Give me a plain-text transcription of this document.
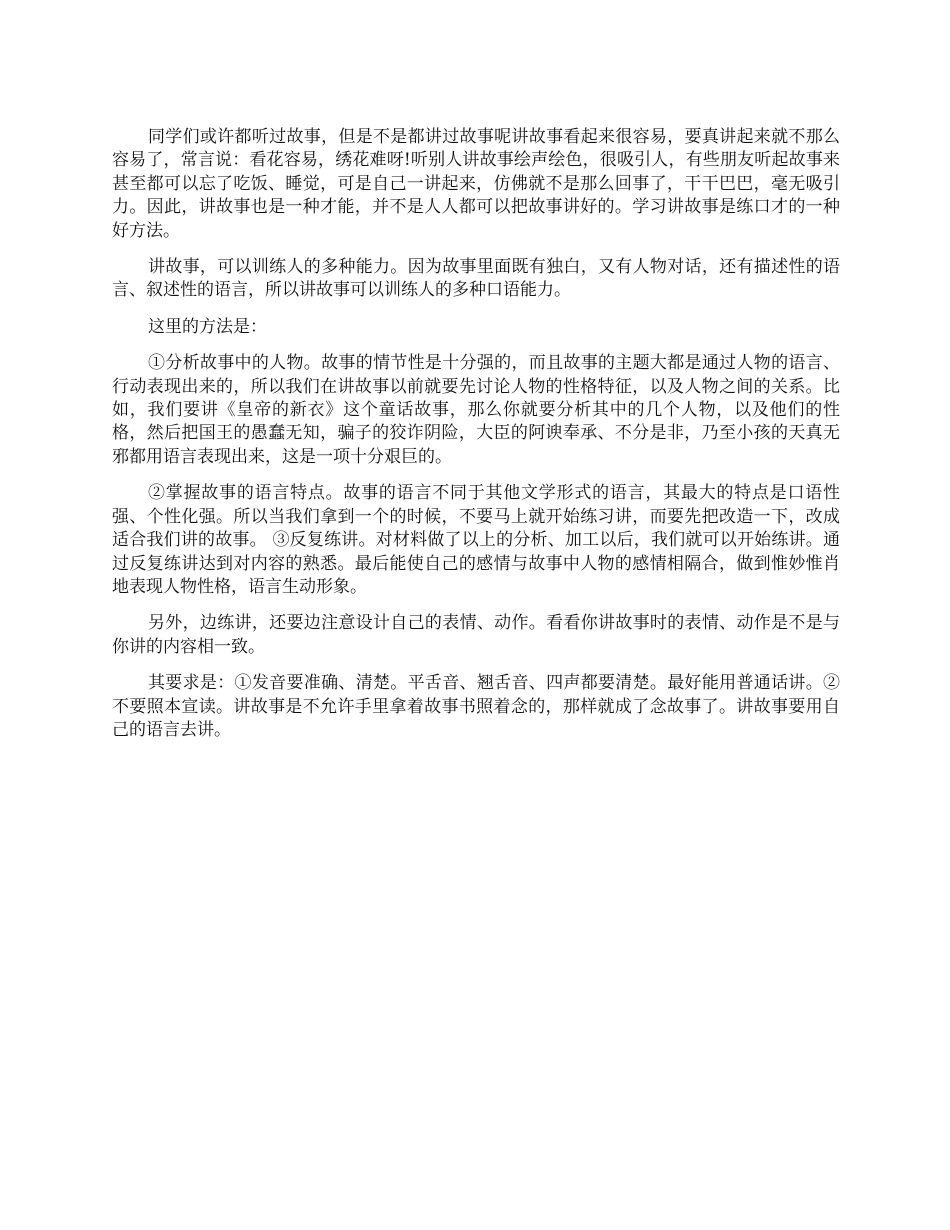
同学们或许都听过故事，但是不是都讲过故事呢讲故事看起来很容易，要真讲起来就不那么容易了，常言说：看花容易，绣花难呀!听别人讲故事绘声绘色，很吸引人，有些朋友听起故事来甚至都可以忘了吃饭、睡觉，可是自己一讲起来，仿佛就不是那么回事了，干干巴巴，毫无吸引力。因此，讲故事也是一种才能，并不是人人都可以把故事讲好的。学习讲故事是练口才的一种好方法。

讲故事，可以训练人的多种能力。因为故事里面既有独白，又有人物对话，还有描述性的语言、叙述性的语言，所以讲故事可以训练人的多种口语能力。

这里的方法是：

①分析故事中的人物。故事的情节性是十分强的，而且故事的主题大都是通过人物的语言、行动表现出来的，所以我们在讲故事以前就要先讨论人物的性格特征，以及人物之间的关系。比如，我们要讲《皇帝的新衣》这个童话故事，那么你就要分析其中的几个人物，以及他们的性格，然后把国王的愚蠢无知，骗子的狡诈阴险，大臣的阿谀奉承、不分是非，乃至小孩的天真无邪都用语言表现出来，这是一项十分艰巨的。

②掌握故事的语言特点。故事的语言不同于其他文学形式的语言，其最大的特点是口语性强、个性化强。所以当我们拿到一个的时候，不要马上就开始练习讲，而要先把改造一下，改成适合我们讲的故事。 ③反复练讲。对材料做了以上的分析、加工以后，我们就可以开始练讲。通过反复练讲达到对内容的熟悉。最后能使自己的感情与故事中人物的感情相隔合，做到惟妙惟肖地表现人物性格，语言生动形象。

另外，边练讲，还要边注意设计自己的表情、动作。看看你讲故事时的表情、动作是不是与你讲的内容相一致。

其要求是：①发音要准确、清楚。平舌音、翘舌音、四声都要清楚。最好能用普通话讲。②不要照本宣读。讲故事是不允许手里拿着故事书照着念的，那样就成了念故事了。讲故事要用自己的语言去讲。
